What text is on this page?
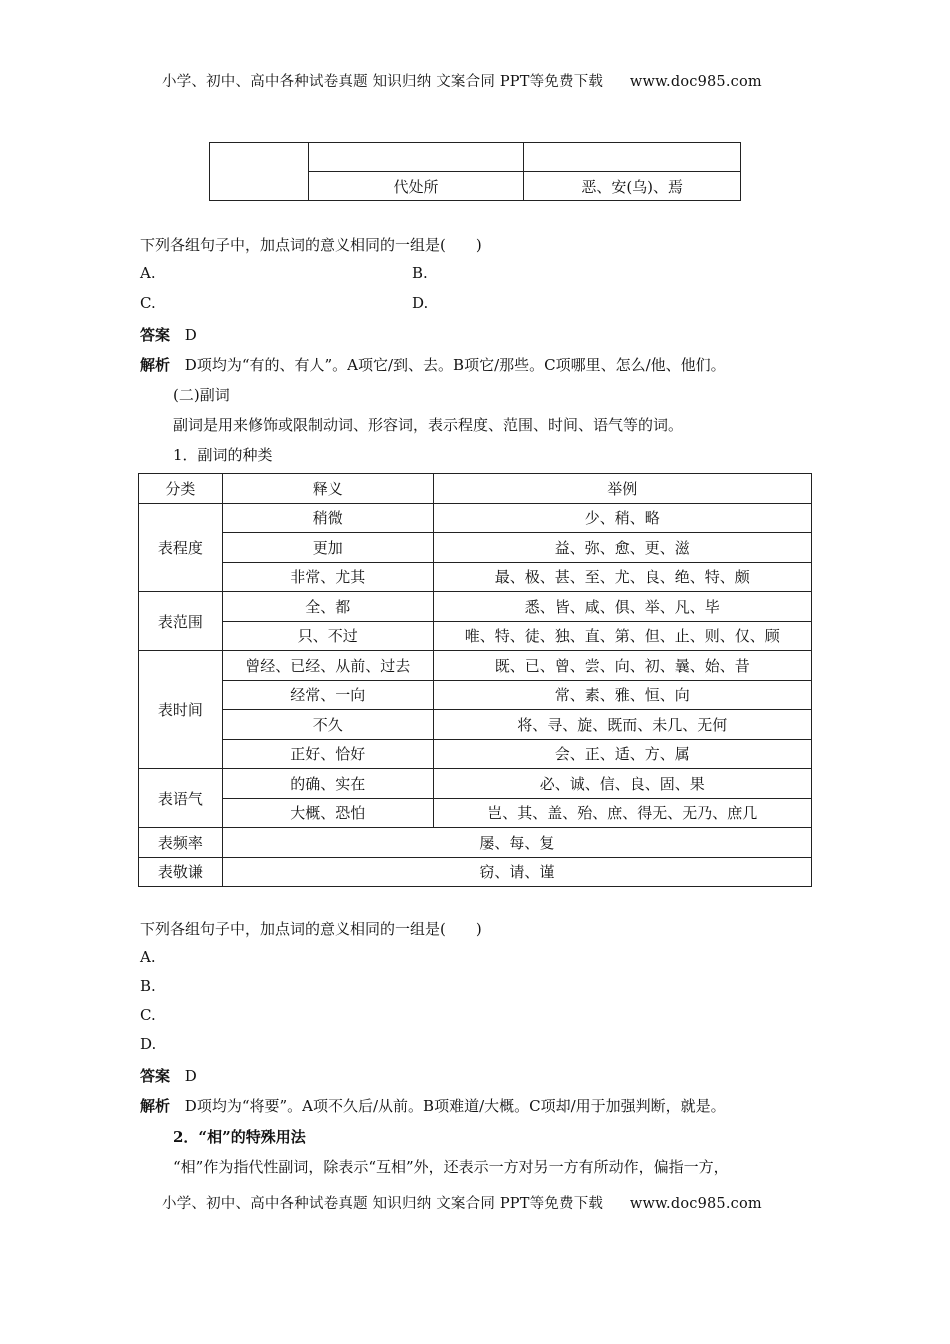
小学、初中、高中各种试卷真题 知识归纳 文案合同 PPT等免费下载 www.doc985.com

	代处所	恶、安(乌)、焉
下列各组句子中，加点词的意义相同的一组是(　　)
A.	B.
C.	D.
答案 D
解析 D项均为“有的、有人”。A项它/到、去。B项它/那些。C项哪里、怎么/他、他们。
(二)副词
副词是用来修饰或限制动词、形容词，表示程度、范围、时间、语气等的词。
1．副词的种类
分类	释义	举例
表程度	稍微	少、稍、略
	更加	益、弥、愈、更、滋
	非常、尤其	最、极、甚、至、尤、良、绝、特、颇
表范围	全、都	悉、皆、咸、俱、举、凡、毕
	只、不过	唯、特、徒、独、直、第、但、止、则、仅、顾
表时间	曾经、已经、从前、过去	既、已、曾、尝、向、初、曩、始、昔
	经常、一向	常、素、雅、恒、向
	不久	将、寻、旋、既而、未几、无何
	正好、恰好	会、正、适、方、属
表语气	的确、实在	必、诚、信、良、固、果
	大概、恐怕	岂、其、盖、殆、庶、得无、无乃、庶几
表频率	屡、每、复	
表敬谦	窃、请、谨	
下列各组句子中，加点词的意义相同的一组是(　　)
A.
B.
C.
D.
答案 D
解析 D项均为“将要”。A项不久后/从前。B项难道/大概。C项却/用于加强判断，就是。
2．“相”的特殊用法
“相”作为指代性副词，除表示“互相”外，还表示一方对另一方有所动作，偏指一方，
小学、初中、高中各种试卷真题 知识归纳 文案合同 PPT等免费下载 www.doc985.com
